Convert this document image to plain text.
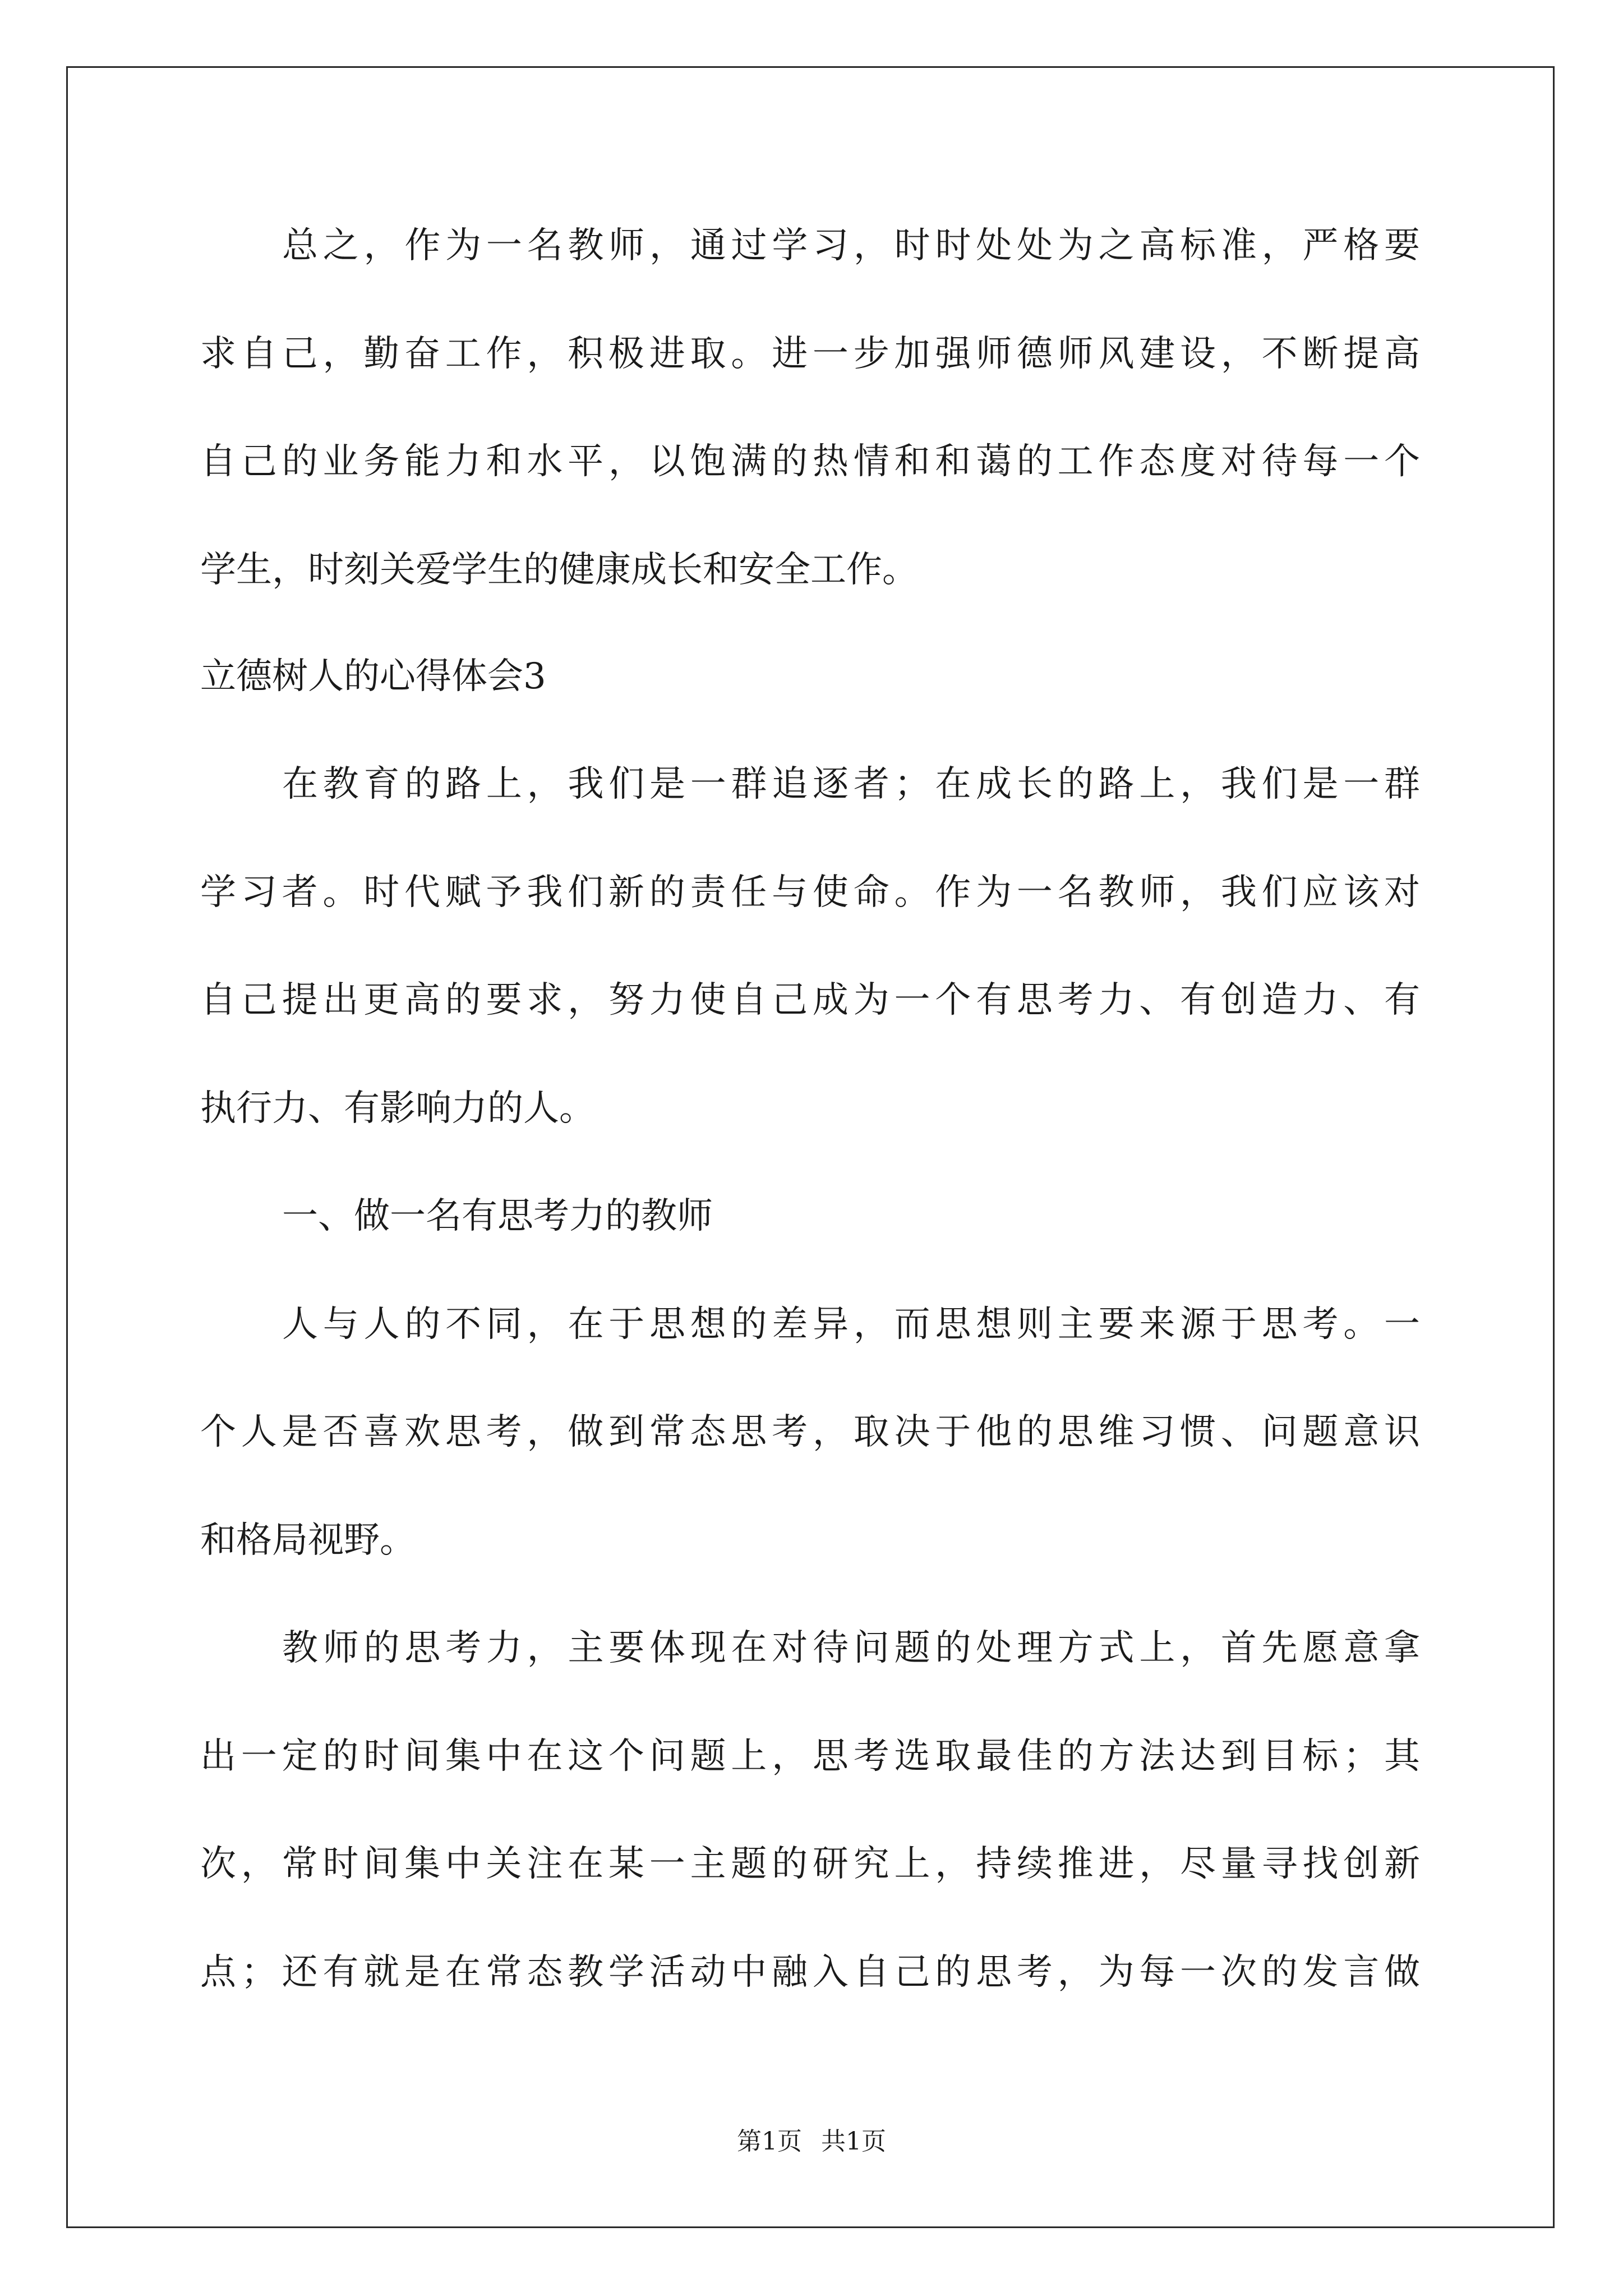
总之，作为一名教师，通过学习，时时处处为之高标准，严格要
求自己，勤奋工作，积极进取。进一步加强师德师风建设，不断提高
自己的业务能力和水平，以饱满的热情和和蔼的工作态度对待每一个
学生，时刻关爱学生的健康成长和安全工作。
立德树人的心得体会3
在教育的路上，我们是一群追逐者；在成长的路上，我们是一群
学习者。时代赋予我们新的责任与使命。作为一名教师，我们应该对
自己提出更高的要求，努力使自己成为一个有思考力、有创造力、有
执行力、有影响力的人。
一、做一名有思考力的教师
人与人的不同，在于思想的差异，而思想则主要来源于思考。一
个人是否喜欢思考，做到常态思考，取决于他的思维习惯、问题意识
和格局视野。
教师的思考力，主要体现在对待问题的处理方式上，首先愿意拿
出一定的时间集中在这个问题上，思考选取最佳的方法达到目标；其
次，常时间集中关注在某一主题的研究上，持续推进，尽量寻找创新
点；还有就是在常态教学活动中融入自己的思考，为每一次的发言做
第1页 共1页
